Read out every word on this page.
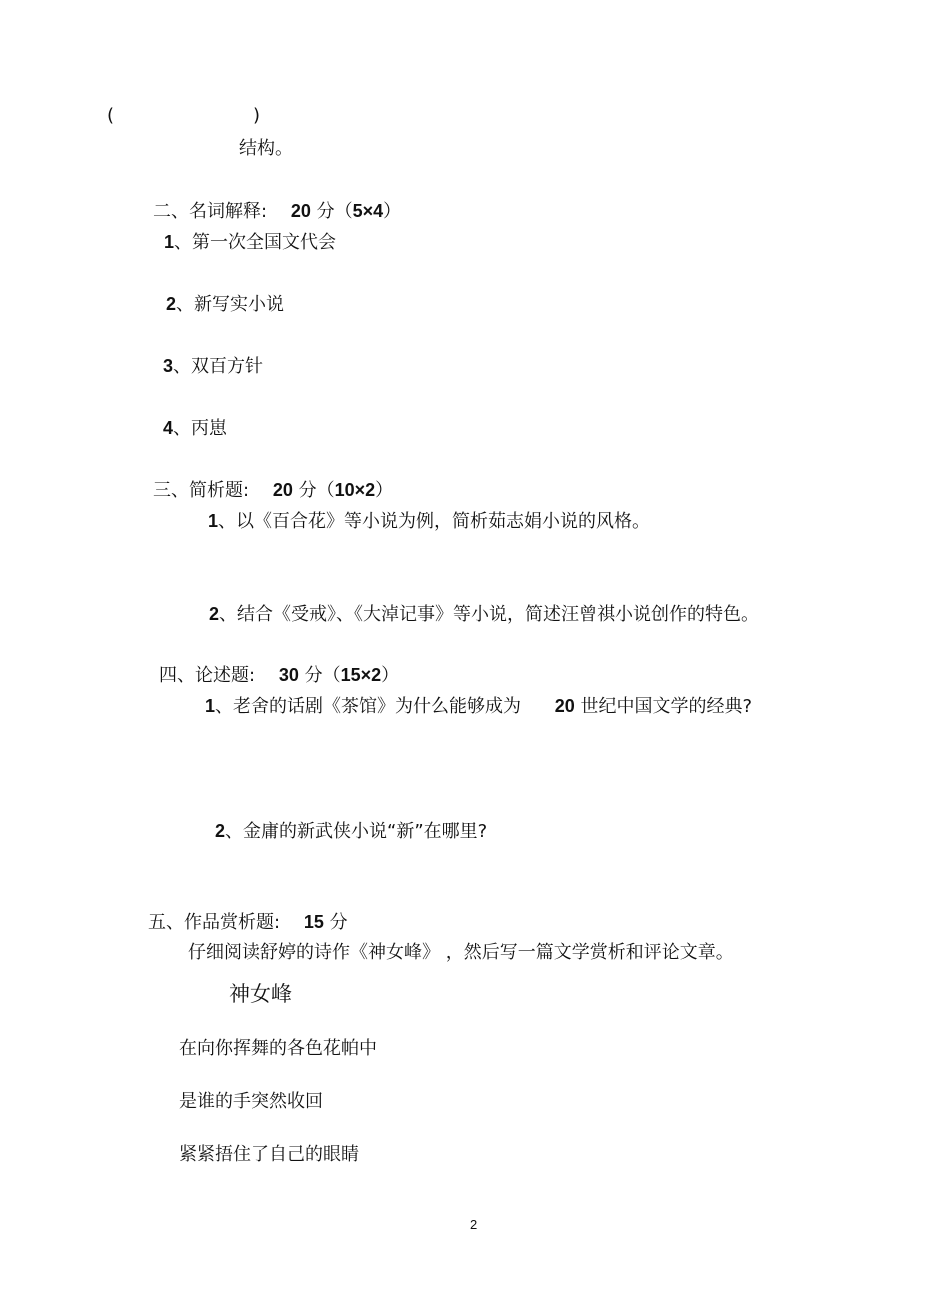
(	)
结构。
二、名词解释: 20 分（5×4）
1、第一次全国文代会
2、新写实小说
3、双百方针
4、丙崽
三、简析题: 20 分（10×2）
1、以《百合花》等小说为例，简析茹志娟小说的风格。
2、结合《受戒》、《大淖记事》等小说，简述汪曾祺小说创作的特色。
四、论述题: 30 分（15×2）
1、老舍的话剧《茶馆》为什么能够成为 20 世纪中国文学的经典?
2、金庸的新武侠小说“新”在哪里?
五、作品赏析题: 15 分
仔细阅读舒婷的诗作《神女峰》 ，然后写一篇文学赏析和评论文章。
神女峰
在向你挥舞的各色花帕中
是谁的手突然收回
紧紧捂住了自己的眼睛
2
